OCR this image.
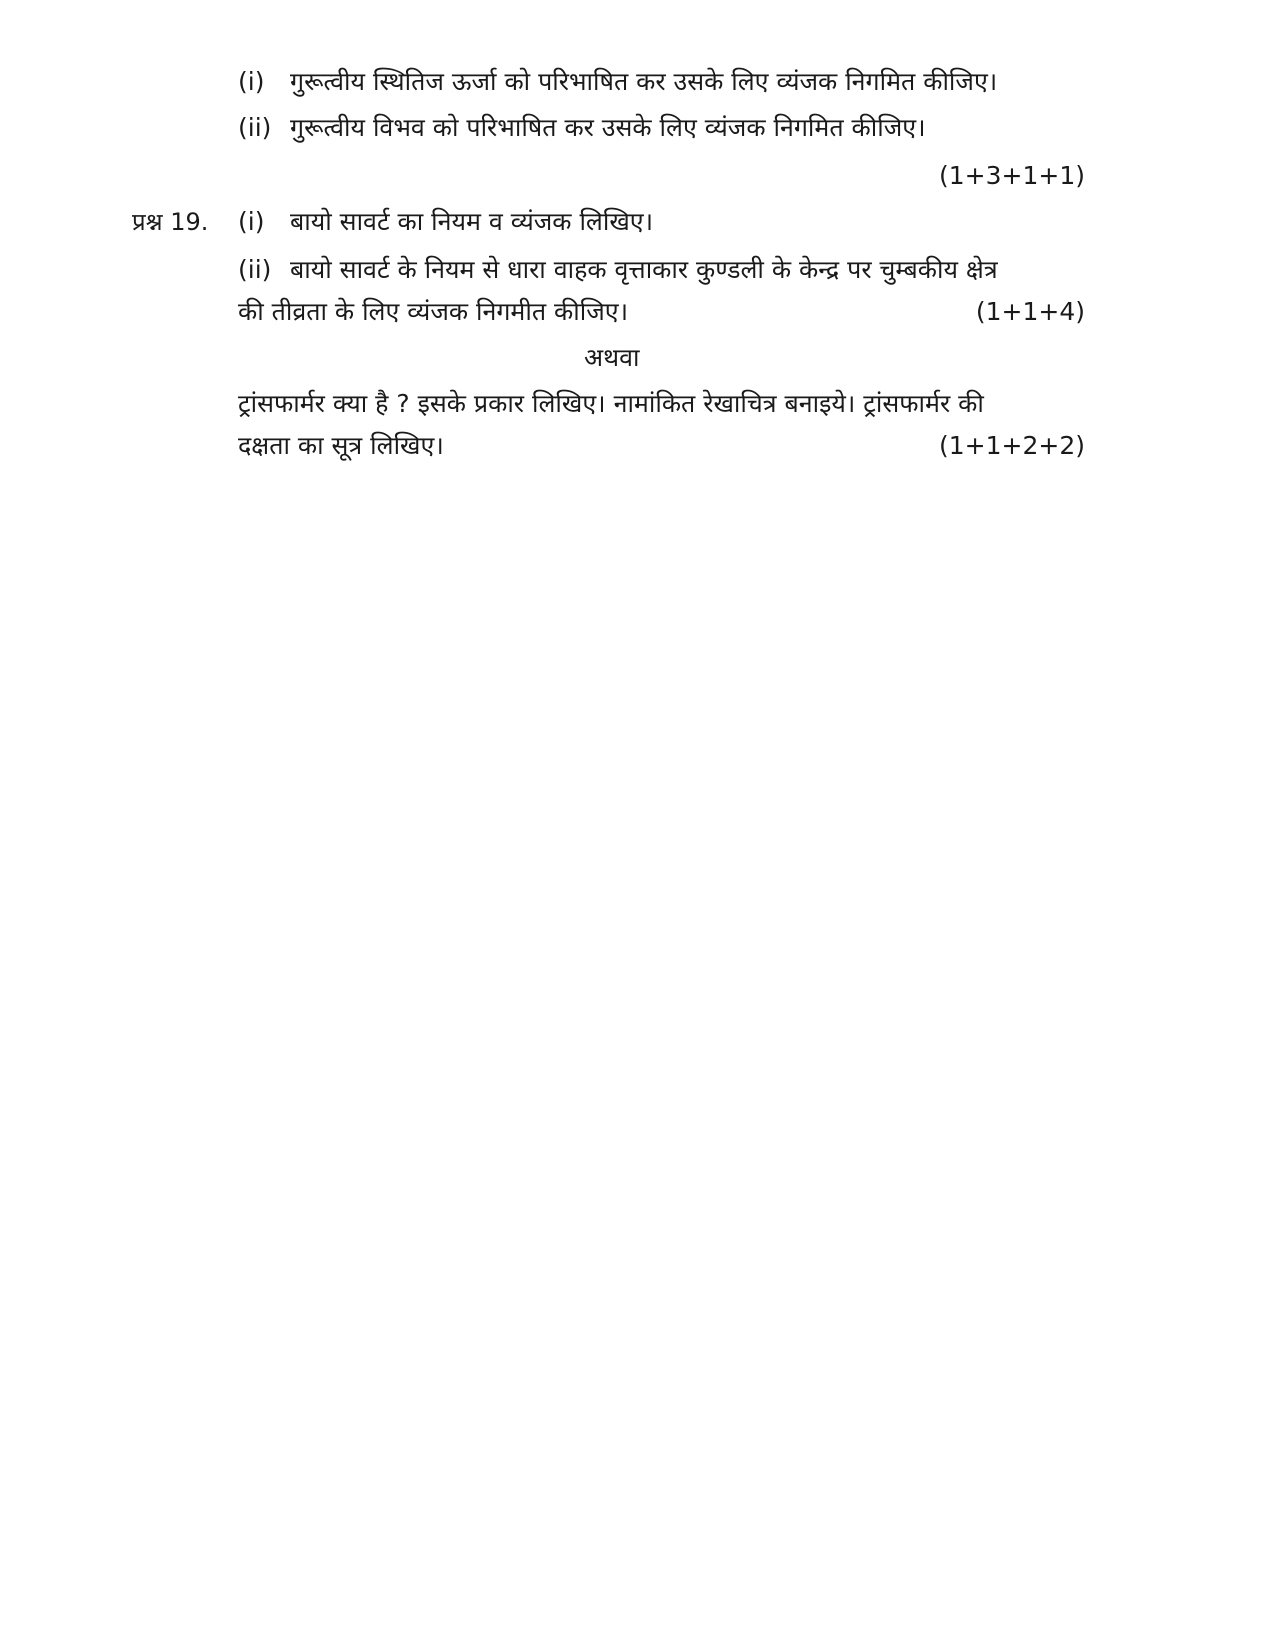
(i) गुरूत्वीय स्थितिज ऊर्जा को परिभाषित कर उसके लिए व्यंजक निगमित कीजिए।
(ii) गुरूत्वीय विभव को परिभाषित कर उसके लिए व्यंजक निगमित कीजिए।
(1+3+1+1)
प्रश्न 19. (i) बायो सावर्ट का नियम व व्यंजक लिखिए।
(ii) बायो सावर्ट के नियम से धारा वाहक वृत्ताकार कुण्डली के केन्द्र पर चुम्बकीय क्षेत्र
की तीव्रता के लिए व्यंजक निगमीत कीजिए।	(1+1+4)
अथवा
ट्रांसफार्मर क्या है ? इसके प्रकार लिखिए। नामांकित रेखाचित्र बनाइये। ट्रांसफार्मर की
दक्षता का सूत्र लिखिए।	(1+1+2+2)
